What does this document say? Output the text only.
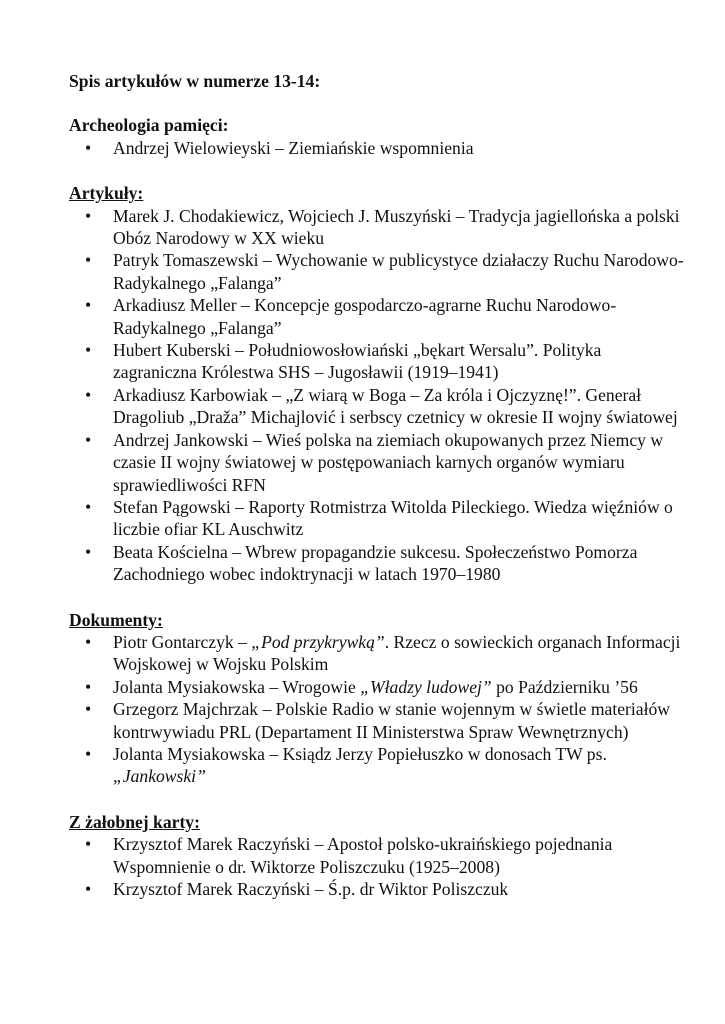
Spis artykułów w numerze 13-14:

Archeologia pamięci:

• Andrzej Wielowieyski – Ziemiańskie wspomnienia

Artykuły:

• Marek J. Chodakiewicz, Wojciech J. Muszyński – Tradycja jagiellońska a polski Obóz Narodowy w XX wieku
• Patryk Tomaszewski – Wychowanie w publicystyce działaczy Ruchu Narodowo-Radykalnego „Falanga”
• Arkadiusz Meller – Koncepcje gospodarczo-agrarne Ruchu Narodowo-Radykalnego „Falanga”
• Hubert Kuberski – Południowosłowiański „bękart Wersalu”. Polityka zagraniczna Królestwa SHS – Jugosławii (1919–1941)
• Arkadiusz Karbowiak – „Z wiarą w Boga – Za króla i Ojczyznę!”. Generał Dragoliub „Draža” Michajlović i serbscy czetnicy w okresie II wojny światowej
• Andrzej Jankowski – Wieś polska na ziemiach okupowanych przez Niemcy w czasie II wojny światowej w postępowaniach karnych organów wymiaru sprawiedliwości RFN
• Stefan Pągowski – Raporty Rotmistrza Witolda Pileckiego. Wiedza więźniów o liczbie ofiar KL Auschwitz
• Beata Kościelna – Wbrew propagandzie sukcesu. Społeczeństwo Pomorza Zachodniego wobec indoktrynacji w latach 1970–1980

Dokumenty:

• Piotr Gontarczyk – „Pod przykrywką”. Rzecz o sowieckich organach Informacji Wojskowej w Wojsku Polskim
• Jolanta Mysiakowska – Wrogowie „Władzy ludowej” po Październiku ’56
• Grzegorz Majchrzak – Polskie Radio w stanie wojennym w świetle materiałów kontrwywiadu PRL (Departament II Ministerstwa Spraw Wewnętrznych)
• Jolanta Mysiakowska – Ksiądz Jerzy Popiełuszko w donosach TW ps. „Jankowski”

Z żałobnej karty:

• Krzysztof Marek Raczyński – Apostoł polsko-ukraińskiego pojednania Wspomnienie o dr. Wiktorze Poliszczuku (1925–2008)
• Krzysztof Marek Raczyński – Ś.p. dr Wiktor Poliszczuk
